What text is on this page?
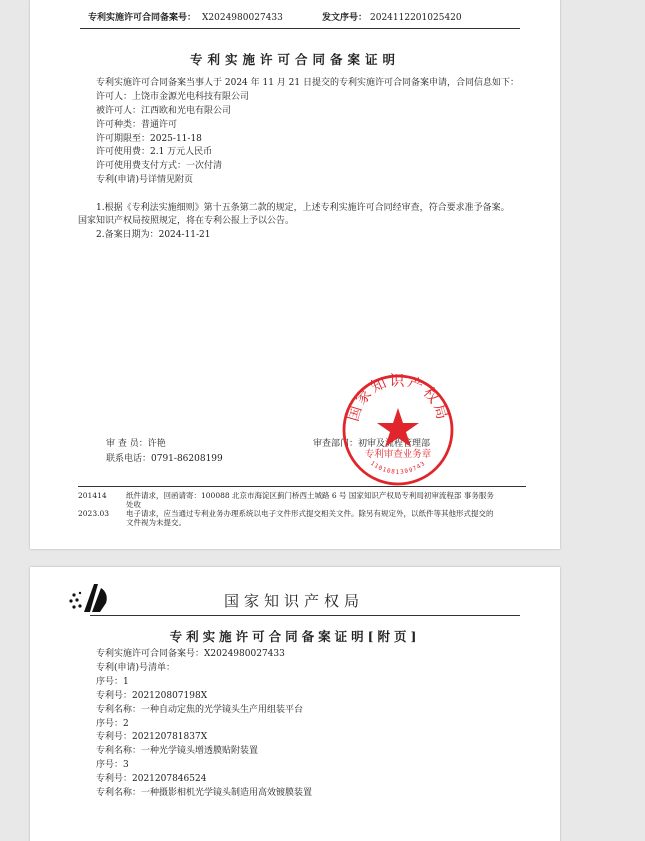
专利实施许可合同备案号： X2024980027433	发文序号： 2024112201025420
专利实施许可合同备案证明
专利实施许可合同备案当事人于 2024 年 11 月 21 日提交的专利实施许可合同备案申请，合同信息如下：
许可人：上饶市金源光电科技有限公司
被许可人：江西欧和光电有限公司
许可种类：普通许可
许可期限至：2025-11-18
许可使用费：2.1 万元人民币
许可使用费支付方式：一次付清
专利(申请)号详情见附页
1.根据《专利法实施细则》第十五条第二款的规定，上述专利实施许可合同经审查，符合要求准予备案。
国家知识产权局按照规定，将在专利公报上予以公告。
2.备案日期为：2024-11-21
审 查 员：许艳
联系电话：0791-86208199
审查部门：初审及流程管理部
国家知识产权局
专利审查业务章
1101081309743
201414	纸件请求，回函请寄：100088 北京市海淀区蓟门桥西土城路 6 号 国家知识产权局专利局初审流程部 事务服务
处收
2023.03 电子请求，应当通过专利业务办理系统以电子文件形式提交相关文件。除另有规定外，以纸件等其他形式提交的
文件视为未提交。
国家知识产权局
专利实施许可合同备案证明[附页]
专利实施许可合同备案号：X2024980027433
专利(申请)号清单：
序号：1
专利号：202120807198X
专利名称：一种自动定焦的光学镜头生产用组装平台
序号：2
专利号：202120781837X
专利名称：一种光学镜头增透膜贴附装置
序号：3
专利号：2021207846524
专利名称：一种摄影相机光学镜头制造用高效镀膜装置
